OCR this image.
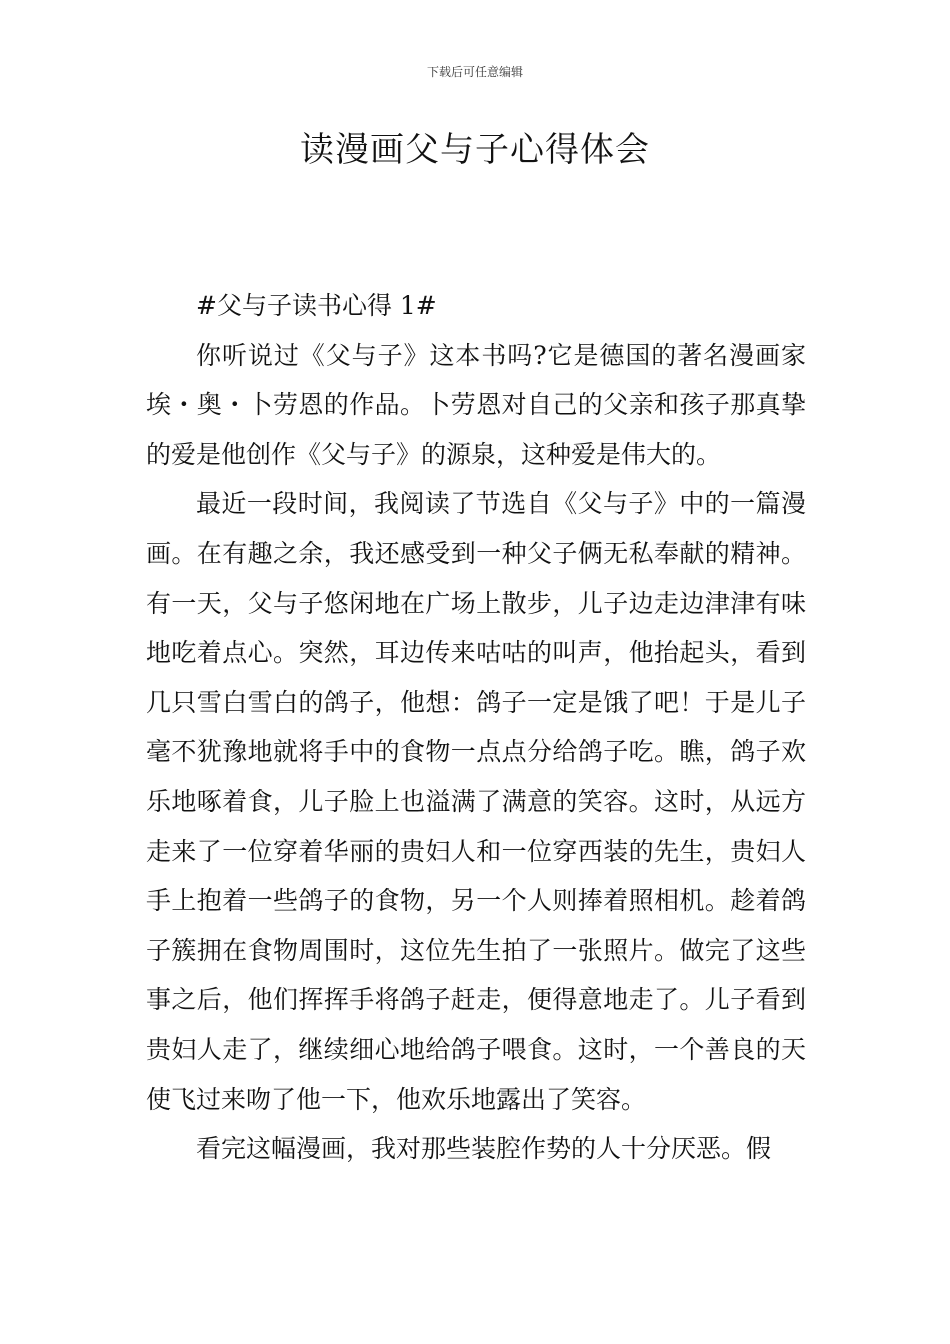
下载后可任意编辑
读漫画父与子心得体会

#父与子读书心得 1#

你听说过《父与子》这本书吗?它是德国的著名漫画家埃・奥・卜劳恩的作品。卜劳恩对自己的父亲和孩子那真挚的爱是他创作《父与子》的源泉，这种爱是伟大的。

最近一段时间，我阅读了节选自《父与子》中的一篇漫画。在有趣之余，我还感受到一种父子俩无私奉献的精神。有一天，父与子悠闲地在广场上散步，儿子边走边津津有味地吃着点心。突然，耳边传来咕咕的叫声，他抬起头，看到几只雪白雪白的鸽子，他想：鸽子一定是饿了吧！于是儿子毫不犹豫地就将手中的食物一点点分给鸽子吃。瞧，鸽子欢乐地啄着食，儿子脸上也溢满了满意的笑容。这时，从远方走来了一位穿着华丽的贵妇人和一位穿西装的先生，贵妇人手上抱着一些鸽子的食物，另一个人则捧着照相机。趁着鸽子簇拥在食物周围时，这位先生拍了一张照片。做完了这些事之后，他们挥挥手将鸽子赶走，便得意地走了。儿子看到贵妇人走了，继续细心地给鸽子喂食。这时，一个善良的天使飞过来吻了他一下，他欢乐地露出了笑容。

看完这幅漫画，我对那些装腔作势的人十分厌恶。假
